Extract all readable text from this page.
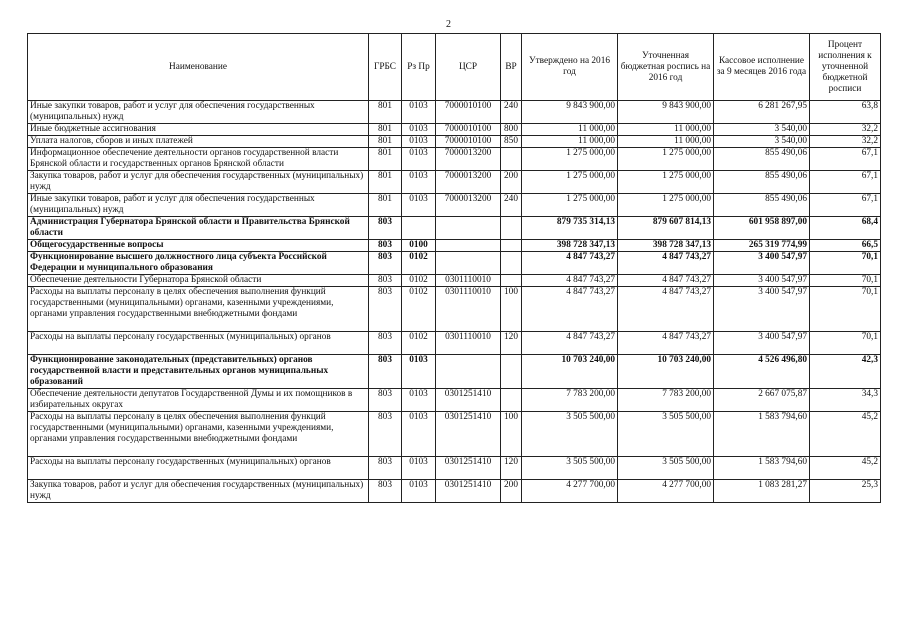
2
Наименование	ГРБС	Рз Пр	ЦСР	ВР	Утверждено на 2016 год	Уточненная бюджетная роспись на 2016 год	Кассовое исполнение за 9 месяцев 2016 года	Процент исполнения к уточненной бюджетной росписи
Иные закупки товаров, работ и услуг для обеспечения государственных (муниципальных) нужд	801	0103	7000010100	240	9 843 900,00	9 843 900,00	6 281 267,95	63,8
Иные бюджетные ассигнования	801	0103	7000010100	800	11 000,00	11 000,00	3 540,00	32,2
Уплата налогов, сборов и иных платежей	801	0103	7000010100	850	11 000,00	11 000,00	3 540,00	32,2
Информационное обеспечение деятельности органов государственной власти Брянской области и государственных органов Брянской области	801	0103	7000013200		1 275 000,00	1 275 000,00	855 490,06	67,1
Закупка товаров, работ и услуг для обеспечения государственных (муниципальных) нужд	801	0103	7000013200	200	1 275 000,00	1 275 000,00	855 490,06	67,1
Иные закупки товаров, работ и услуг для обеспечения государственных (муниципальных) нужд	801	0103	7000013200	240	1 275 000,00	1 275 000,00	855 490,06	67,1
Администрация Губернатора Брянской области и Правительства Брянской области	803				879 735 314,13	879 607 814,13	601 958 897,00	68,4
Общегосударственные вопросы	803	0100			398 728 347,13	398 728 347,13	265 319 774,99	66,5
Функционирование высшего должностного лица субъекта Российской Федерации и муниципального образования	803	0102			4 847 743,27	4 847 743,27	3 400 547,97	70,1
Обеспечение деятельности Губернатора Брянской области	803	0102	0301110010		4 847 743,27	4 847 743,27	3 400 547,97	70,1
Расходы на выплаты персоналу в целях обеспечения выполнения функций государственными (муниципальными) органами, казенными учреждениями, органами управления государственными внебюджетными фондами	803	0102	0301110010	100	4 847 743,27	4 847 743,27	3 400 547,97	70,1
Расходы на выплаты персоналу государственных (муниципальных) органов	803	0102	0301110010	120	4 847 743,27	4 847 743,27	3 400 547,97	70,1
Функционирование законодательных (представительных) органов государственной власти и представительных органов муниципальных образований	803	0103			10 703 240,00	10 703 240,00	4 526 496,80	42,3
Обеспечение деятельности депутатов Государственной Думы и их помощников в избирательных округах	803	0103	0301251410		7 783 200,00	7 783 200,00	2 667 075,87	34,3
Расходы на выплаты персоналу в целях обеспечения выполнения функций государственными (муниципальными) органами, казенными учреждениями, органами управления государственными внебюджетными фондами	803	0103	0301251410	100	3 505 500,00	3 505 500,00	1 583 794,60	45,2
Расходы на выплаты персоналу государственных (муниципальных) органов	803	0103	0301251410	120	3 505 500,00	3 505 500,00	1 583 794,60	45,2
Закупка товаров, работ и услуг для обеспечения государственных (муниципальных) нужд	803	0103	0301251410	200	4 277 700,00	4 277 700,00	1 083 281,27	25,3
